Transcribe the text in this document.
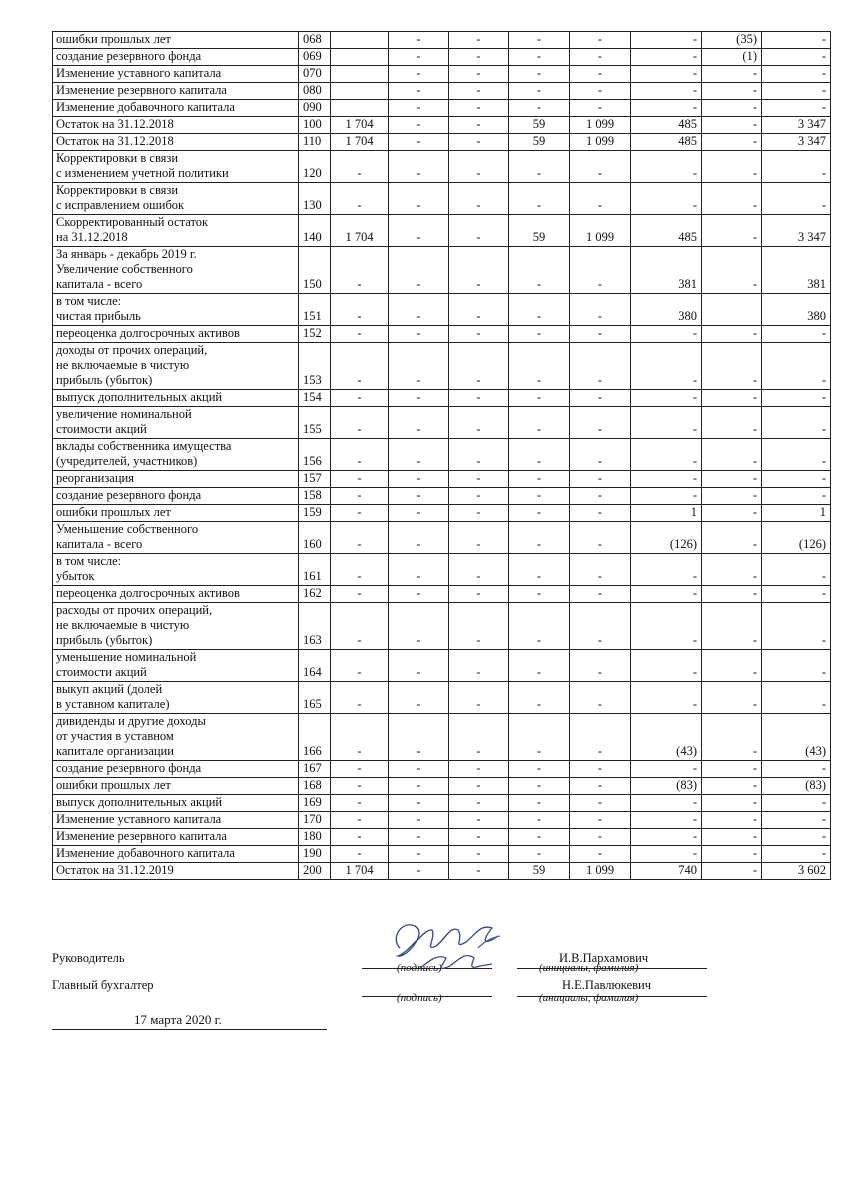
ошибки прошлых лет	068		-	-	-	-	-	(35)	-
создание резервного фонда	069		-	-	-	-	-	(1)	-
Изменение уставного капитала	070		-	-	-	-	-	-	-
Изменение резервного капитала	080		-	-	-	-	-	-	-
Изменение добавочного капитала	090		-	-	-	-	-	-	-
Остаток на 31.12.2018	100	1 704	-	-	59	1 099	485	-	3 347
Остаток на 31.12.2018	110	1 704	-	-	59	1 099	485	-	3 347
Корректировки в связи
с изменением учетной политики	120	-	-	-	-	-	-	-	-
Корректировки в связи
с исправлением ошибок	130	-	-	-	-	-	-	-	-
Скорректированный остаток
на 31.12.2018	140	1 704	-	-	59	1 099	485	-	3 347
За январь - декабрь 2019 г.
Увеличение собственного
капитала - всего	150	-	-	-	-	-	381	-	381
в том числе:
чистая прибыль	151	-	-	-	-	-	380		380
переоценка долгосрочных активов	152	-	-	-	-	-	-	-	-
доходы от прочих операций,
не включаемые в чистую
прибыль (убыток)	153	-	-	-	-	-	-	-	-
выпуск дополнительных акций	154	-	-	-	-	-	-	-	-
увеличение номинальной
стоимости акций	155	-	-	-	-	-	-	-	-
вклады собственника имущества
(учредителей, участников)	156	-	-	-	-	-	-	-	-
реорганизация	157	-	-	-	-	-	-	-	-
создание резервного фонда	158	-	-	-	-	-	-	-	-
ошибки прошлых лет	159	-	-	-	-	-	1	-	1
Уменьшение собственного
капитала - всего	160	-	-	-	-	-	(126)	-	(126)
в том числе:
убыток	161	-	-	-	-	-	-	-	-
переоценка долгосрочных активов	162	-	-	-	-	-	-	-	-
расходы от прочих операций,
не включаемые в чистую
прибыль (убыток)	163	-	-	-	-	-	-	-	-
уменьшение номинальной
стоимости акций	164	-	-	-	-	-	-	-	-
выкуп акций (долей
в уставном капитале)	165	-	-	-	-	-	-	-	-
дивиденды и другие доходы
от участия в уставном
капитале организации	166	-	-	-	-	-	(43)	-	(43)
создание резервного фонда	167	-	-	-	-	-	-	-	-
ошибки прошлых лет	168	-	-	-	-	-	(83)	-	(83)
выпуск дополнительных акций	169	-	-	-	-	-	-	-	-
Изменение уставного капитала	170	-	-	-	-	-	-	-	-
Изменение резервного капитала	180	-	-	-	-	-	-	-	-
Изменение добавочного капитала	190	-	-	-	-	-	-	-	-
Остаток на 31.12.2019	200	1 704	-	-	59	1 099	740	-	3 602
Руководитель
(подпись)
И.В.Пархамович
(инициалы, фамилия)
Главный бухгалтер
(подпись)
Н.Е.Павлюкевич
(инициалы, фамилия)
17 марта 2020 г.
